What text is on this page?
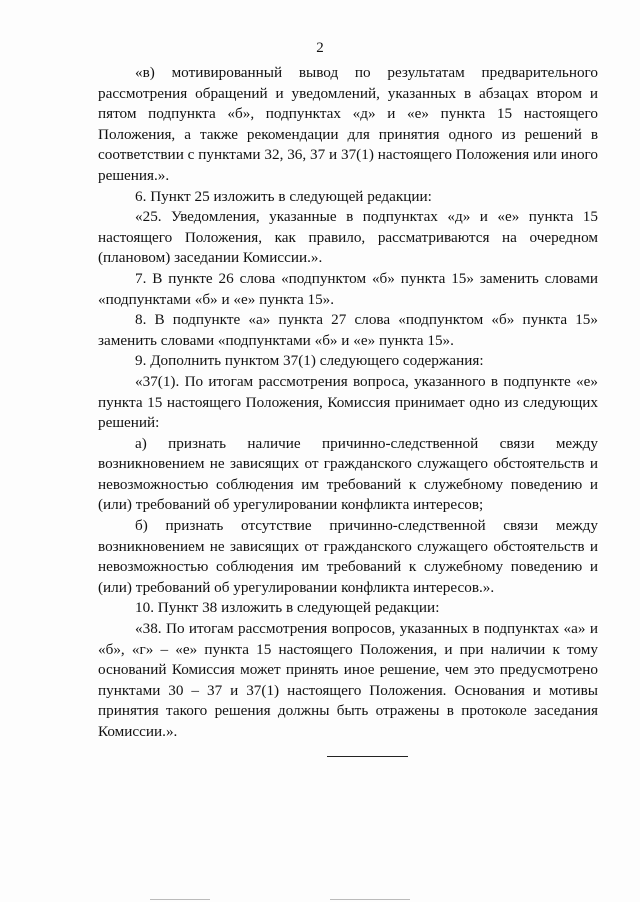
2

«в) мотивированный вывод по результатам предварительного рассмотрения обращений и уведомлений, указанных в абзацах втором и пятом подпункта «б», подпунктах «д» и «е» пункта 15 настоящего Положения, а также рекомендации для принятия одного из решений в соответствии с пунктами 32, 36, 37 и 37(1) настоящего Положения или иного решения.».

6. Пункт 25 изложить в следующей редакции:

«25. Уведомления, указанные в подпунктах «д» и «е» пункта 15 настоящего Положения, как правило, рассматриваются на очередном (плановом) заседании Комиссии.».

7. В пункте 26 слова «подпунктом «б» пункта 15» заменить словами «подпунктами «б» и «е» пункта 15».

8. В подпункте «а» пункта 27 слова «подпунктом «б» пункта 15» заменить словами «подпунктами «б» и «е» пункта 15».

9. Дополнить пунктом 37(1) следующего содержания:

«37(1). По итогам рассмотрения вопроса, указанного в подпункте «е» пункта 15 настоящего Положения, Комиссия принимает одно из следующих решений:

а) признать наличие причинно-следственной связи между возникновением не зависящих от гражданского служащего обстоятельств и невозможностью соблюдения им требований к служебному поведению и (или) требований об урегулировании конфликта интересов;

б) признать отсутствие причинно-следственной связи между возникновением не зависящих от гражданского служащего обстоятельств и невозможностью соблюдения им требований к служебному поведению и (или) требований об урегулировании конфликта интересов.».

10. Пункт 38 изложить в следующей редакции:

«38. По итогам рассмотрения вопросов, указанных в подпунктах «а» и «б», «г» – «е» пункта 15 настоящего Положения, и при наличии к тому оснований Комиссия может принять иное решение, чем это предусмотрено пунктами 30 – 37 и 37(1) настоящего Положения. Основания и мотивы принятия такого решения должны быть отражены в протоколе заседания Комиссии.».
